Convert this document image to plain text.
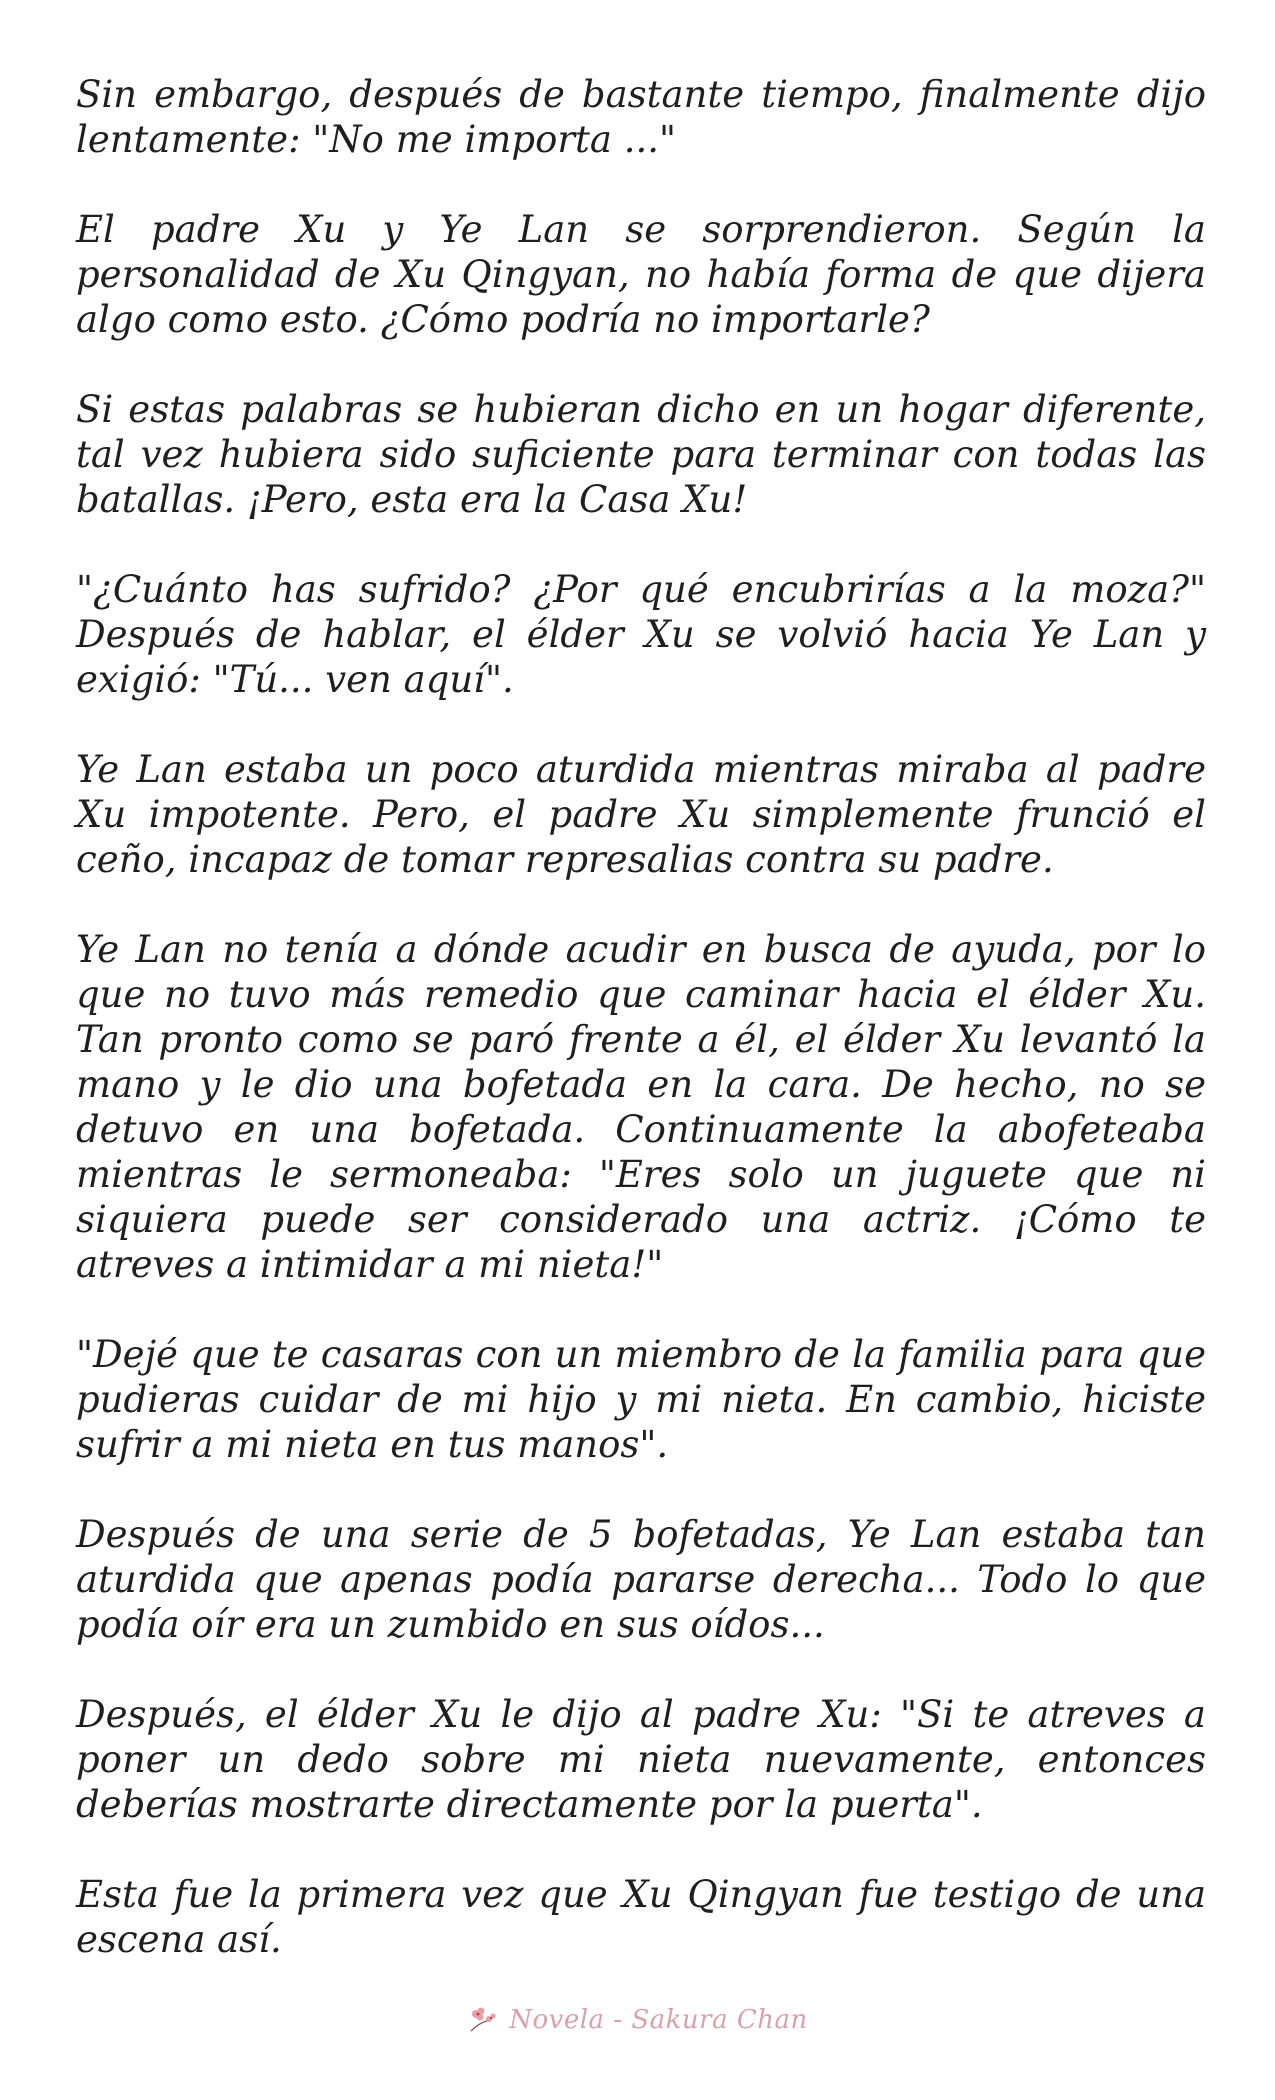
Sin embargo, después de bastante tiempo, finalmente dijo lentamente: "No me importa ..."

El padre Xu y Ye Lan se sorprendieron. Según la personalidad de Xu Qingyan, no había forma de que dijera algo como esto. ¿Cómo podría no importarle?

Si estas palabras se hubieran dicho en un hogar diferente, tal vez hubiera sido suficiente para terminar con todas las batallas. ¡Pero, esta era la Casa Xu!

"¿Cuánto has sufrido? ¿Por qué encubrirías a la moza?" Después de hablar, el élder Xu se volvió hacia Ye Lan y exigió: "Tú... ven aquí".

Ye Lan estaba un poco aturdida mientras miraba al padre Xu impotente. Pero, el padre Xu simplemente frunció el ceño, incapaz de tomar represalias contra su padre.

Ye Lan no tenía a dónde acudir en busca de ayuda, por lo que no tuvo más remedio que caminar hacia el élder Xu. Tan pronto como se paró frente a él, el élder Xu levantó la mano y le dio una bofetada en la cara. De hecho, no se detuvo en una bofetada. Continuamente la abofeteaba mientras le sermoneaba: "Eres solo un juguete que ni siquiera puede ser considerado una actriz. ¡Cómo te atreves a intimidar a mi nieta!"

"Dejé que te casaras con un miembro de la familia para que pudieras cuidar de mi hijo y mi nieta. En cambio, hiciste sufrir a mi nieta en tus manos".

Después de una serie de 5 bofetadas, Ye Lan estaba tan aturdida que apenas podía pararse derecha... Todo lo que podía oír era un zumbido en sus oídos...

Después, el élder Xu le dijo al padre Xu: "Si te atreves a poner un dedo sobre mi nieta nuevamente, entonces deberías mostrarte directamente por la puerta".

Esta fue la primera vez que Xu Qingyan fue testigo de una escena así.

Novela - Sakura Chan
